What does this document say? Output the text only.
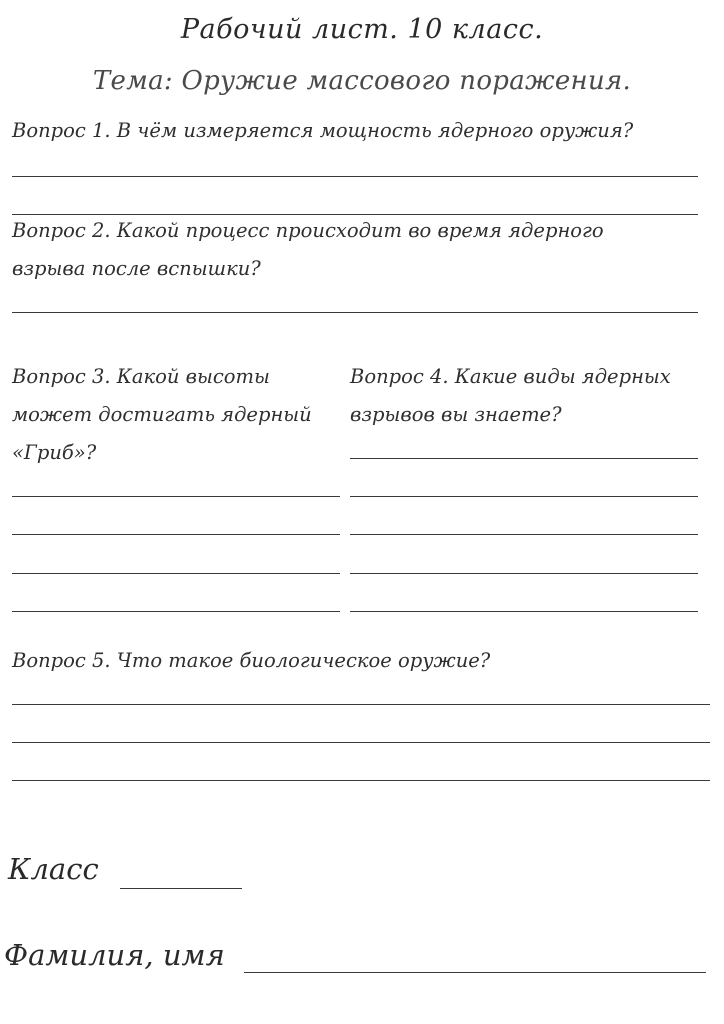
Рабочий лист. 10 класс.
Тема: Оружие массового поражения.
Вопрос 1. В чём измеряется мощность ядерного оружия?
Вопрос 2. Какой процесс происходит во время ядерного
взрыва после вспышки?
Вопрос 3. Какой высоты
может достигать ядерный
«Гриб»?
Вопрос 4. Какие виды ядерных
взрывов вы знаете?
Вопрос 5. Что такое биологическое оружие?
Класс
Фамилия, имя
